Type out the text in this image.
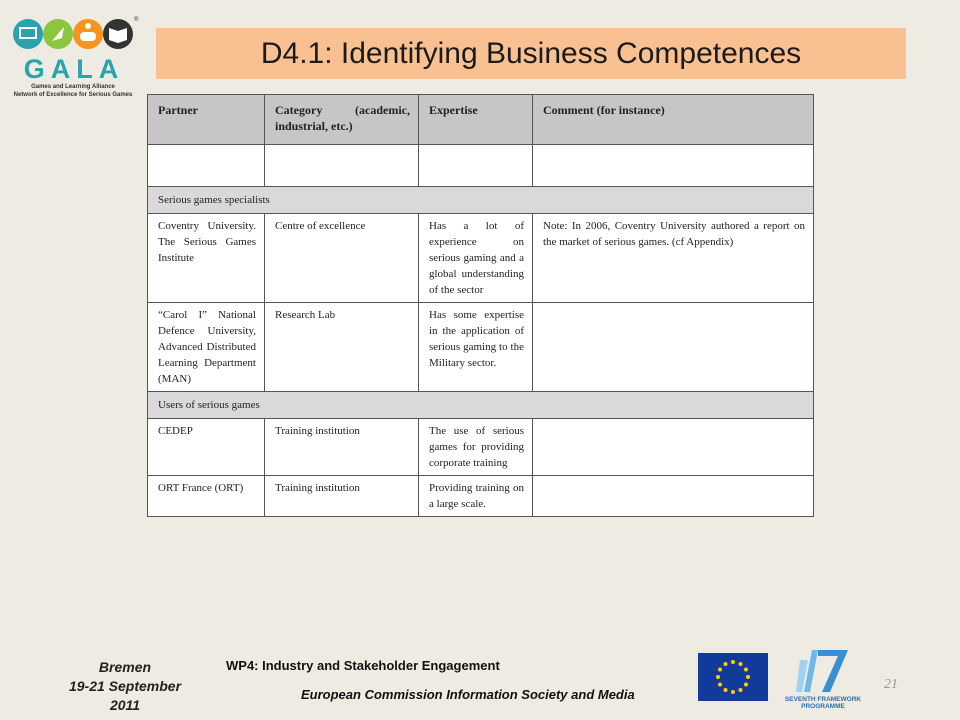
®
GALA
Games and Learning Alliance
Network of Excellence for Serious Games
D4.1: Identifying Business Competences
Partner	Category (academic, industrial, etc.)	Expertise	Comment (for instance)

Serious games specialists			
Coventry University. The Serious Games Institute	Centre of excellence	Has a lot of experience on serious gaming and a global understanding of the sector	Note: In 2006, Coventry University authored a report on the market of serious games. (cf Appendix)
“Carol I” National Defence University, Advanced Distributed Learning Department (MAN)	Research Lab	Has some expertise in the application of serious gaming to the Military sector.	
Users of serious games			
CEDEP	Training institution	The use of serious games for providing corporate training	
ORT France (ORT)	Training institution	Providing training on a large scale.	
Bremen
19-21 September
2011
WP4: Industry and Stakeholder Engagement
European Commission Information Society and Media	SEVENTH FRAMEWORK
PROGRAMME
21
